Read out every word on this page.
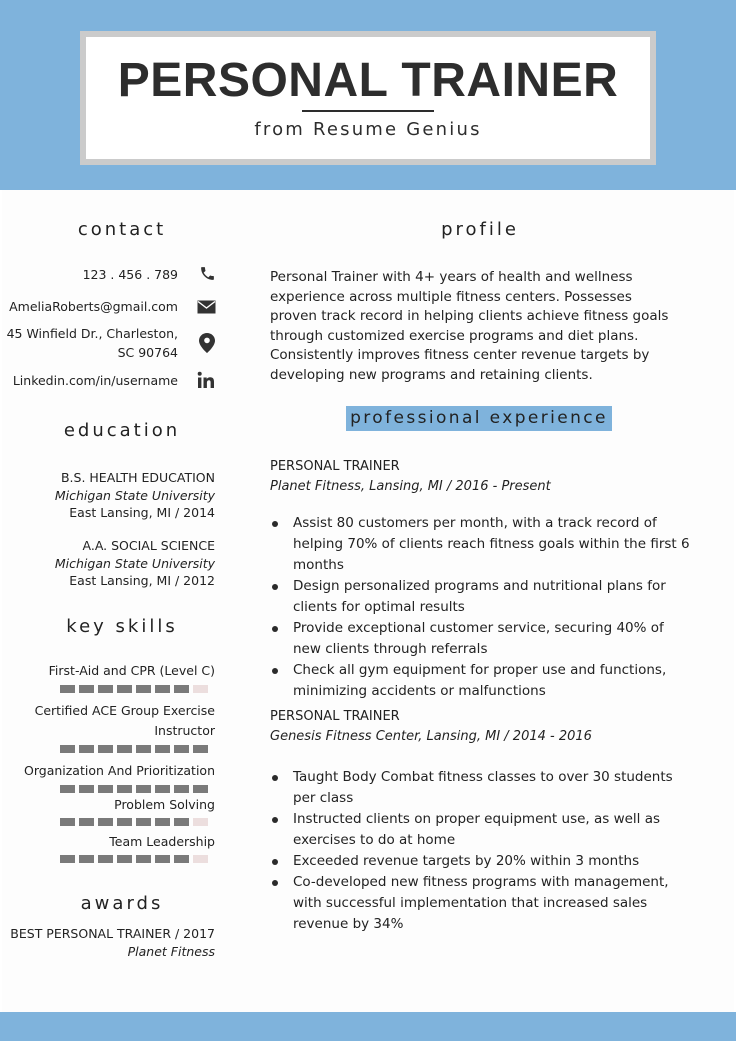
PERSONAL TRAINER
from Resume Genius
contact
123 . 456 . 789
AmeliaRoberts@gmail.com
45 Winfield Dr., Charleston,
SC 90764
Linkedin.com/in/username
education
B.S. HEALTH EDUCATION
Michigan State University
East Lansing, MI / 2014
A.A. SOCIAL SCIENCE
Michigan State University
East Lansing, MI / 2012
key skills
First-Aid and CPR (Level C)
Certified ACE Group Exercise
Instructor
Organization And Prioritization
Problem Solving
Team Leadership
awards
BEST PERSONAL TRAINER / 2017
Planet Fitness
profile
Personal Trainer with 4+ years of health and wellness experience across multiple fitness centers. Possesses proven track record in helping clients achieve fitness goals through customized exercise programs and diet plans. Consistently improves fitness center revenue targets by developing new programs and retaining clients.
professional experience
PERSONAL TRAINER
Planet Fitness, Lansing, MI / 2016 - Present
Assist 80 customers per month, with a track record of helping 70% of clients reach fitness goals within the first 6 months
Design personalized programs and nutritional plans for clients for optimal results
Provide exceptional customer service, securing 40% of new clients through referrals
Check all gym equipment for proper use and functions, minimizing accidents or malfunctions
PERSONAL TRAINER
Genesis Fitness Center, Lansing, MI / 2014 - 2016
Taught Body Combat fitness classes to over 30 students per class
Instructed clients on proper equipment use, as well as exercises to do at home
Exceeded revenue targets by 20% within 3 months
Co-developed new fitness programs with management, with successful implementation that increased sales revenue by 34%
